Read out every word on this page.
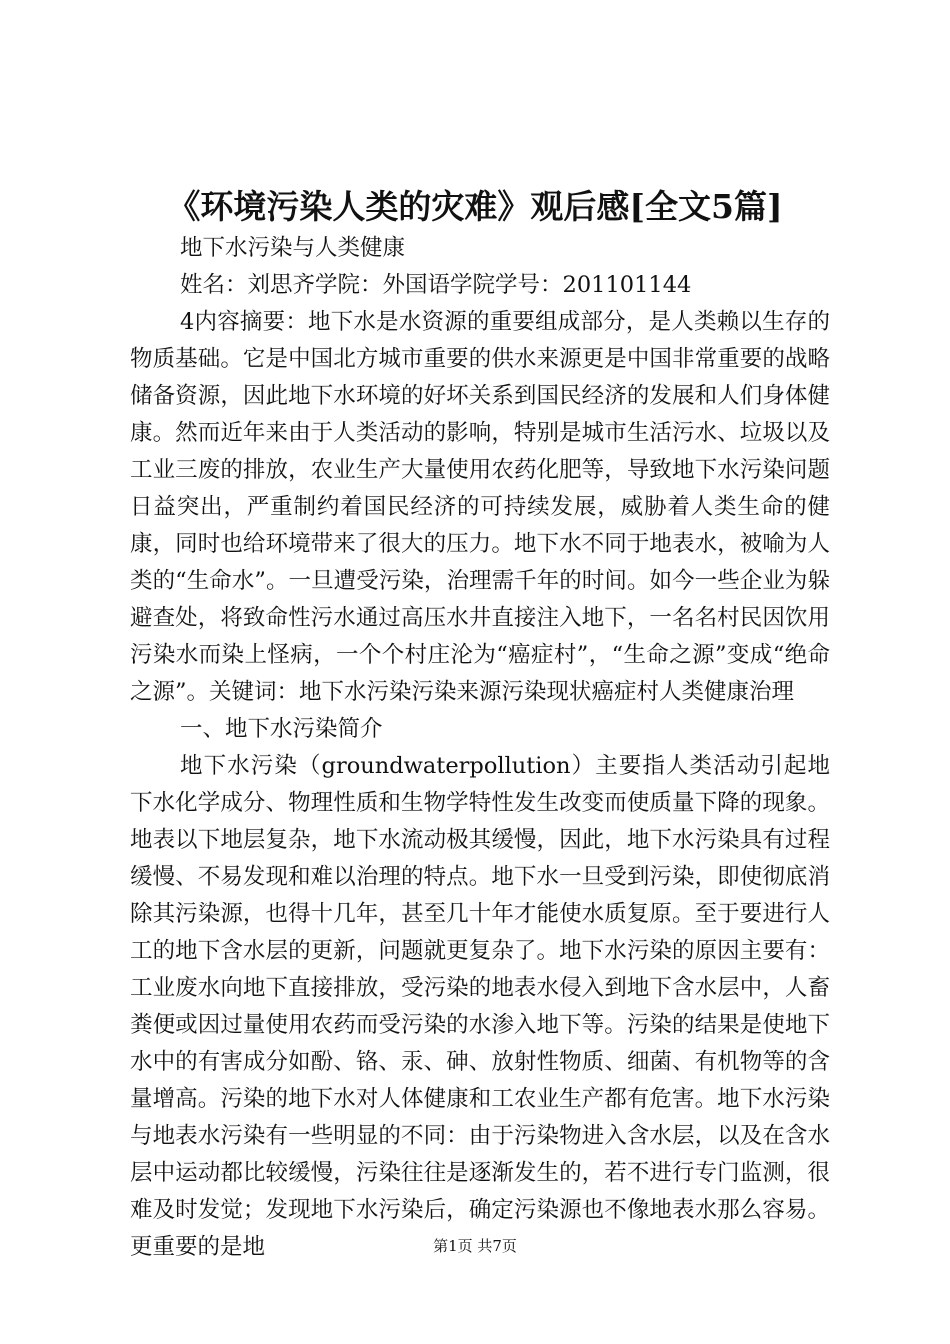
《环境污染人类的灾难》观后感[全文5篇]

地下水污染与人类健康

姓名：刘思齐学院：外国语学院学号：201101144

4内容摘要：地下水是水资源的重要组成部分，是人类赖以生存的物质基础。它是中国北方城市重要的供水来源更是中国非常重要的战略储备资源，因此地下水环境的好坏关系到国民经济的发展和人们身体健康。然而近年来由于人类活动的影响，特别是城市生活污水、垃圾以及工业三废的排放，农业生产大量使用农药化肥等，导致地下水污染问题日益突出，严重制约着国民经济的可持续发展，威胁着人类生命的健康，同时也给环境带来了很大的压力。地下水不同于地表水，被喻为人类的“生命水”。一旦遭受污染，治理需千年的时间。如今一些企业为躲避查处，将致命性污水通过高压水井直接注入地下，一名名村民因饮用污染水而染上怪病，一个个村庄沦为“癌症村”，“生命之源”变成“绝命之源”。关键词：地下水污染污染来源污染现状癌症村人类健康治理

一、地下水污染简介

地下水污染（groundwaterpollution）主要指人类活动引起地下水化学成分、物理性质和生物学特性发生改变而使质量下降的现象。地表以下地层复杂，地下水流动极其缓慢，因此，地下水污染具有过程缓慢、不易发现和难以治理的特点。地下水一旦受到污染，即使彻底消除其污染源，也得十几年，甚至几十年才能使水质复原。至于要进行人工的地下含水层的更新，问题就更复杂了。地下水污染的原因主要有：工业废水向地下直接排放，受污染的地表水侵入到地下含水层中，人畜粪便或因过量使用农药而受污染的水渗入地下等。污染的结果是使地下水中的有害成分如酚、铬、汞、砷、放射性物质、细菌、有机物等的含量增高。污染的地下水对人体健康和工农业生产都有危害。地下水污染与地表水污染有一些明显的不同：由于污染物进入含水层，以及在含水层中运动都比较缓慢，污染往往是逐渐发生的，若不进行专门监测，很难及时发觉；发现地下水污染后，确定污染源也不像地表水那么容易。更重要的是地	第1页 共7页
